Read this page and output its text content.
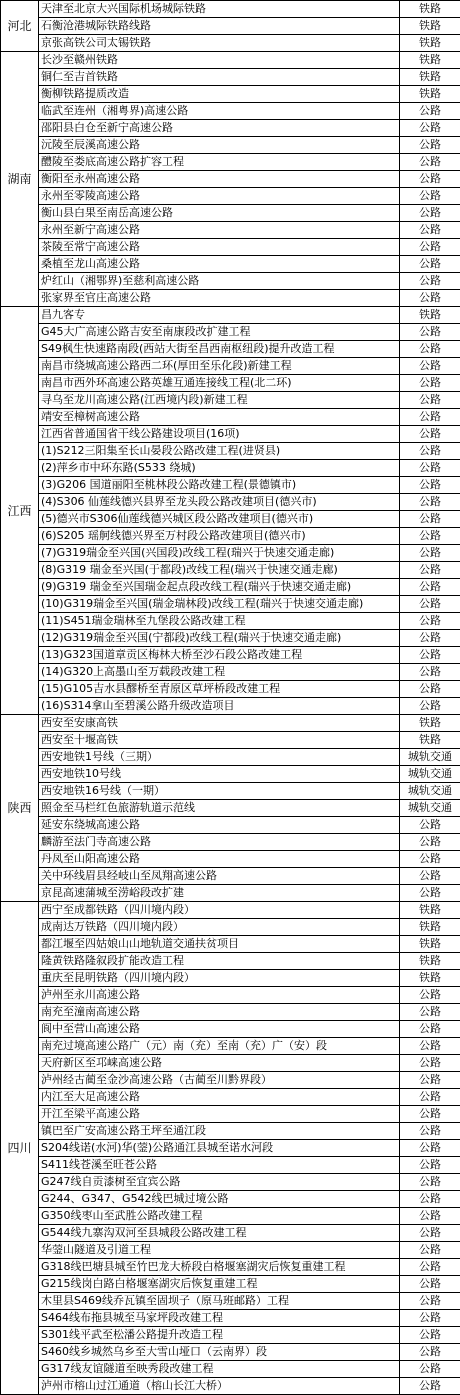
河北	天津至北京大兴国际机场城际铁路	铁路
	石衡沧港城际铁路线路	铁路
	京张高铁公司太锡铁路	铁路
湖南	长沙至赣州铁路	铁路
	铜仁至吉首铁路	铁路
	衡柳铁路提质改造	铁路
	临武至连州（湘粤界)高速公路	公路
	邵阳县白仓至新宁高速公路	公路
	沅陵至辰溪高速公路	公路
	醴陵至娄底高速公路扩容工程	公路
	衡阳至永州高速公路	公路
	永州至零陵高速公路	公路
	衡山县白果至南岳高速公路	公路
	永州至新宁高速公路	公路
	茶陵至常宁高速公路	公路
	桑植至龙山高速公路	公路
	炉红山（湘鄂界)至慈利高速公路	公路
	张家界至官庄高速公路	公路
江西	昌九客专	铁路
	G45大广高速公路吉安至南康段改扩建工程	公路
	S49枫生快速路南段(西站大街至昌西南枢纽段)提升改造工程	公路
	南昌市绕城高速公路西二环(厚田至乐化段)新建工程	公路
	南昌市西外环高速公路英雄互通连接线工程(北二环)	公路
	寻乌至龙川高速公路(江西境内段)新建工程	公路
	靖安至樟树高速公路	公路
	江西省普通国省干线公路建设项目(16项)	公路
	(1)S212三阳集至长山晏段公路改建工程(进贤县)	公路
	(2)萍乡市中环东路(S533 绕城)	公路
	(3)G206 国道丽阳至桃林段公路改建工程(景德镇市)	公路
	(4)S306 仙莲线德兴县界至龙头段公路改建项目(德兴市)	公路
	(5)德兴市S306仙莲线德兴城区段公路改建项目(德兴市)	公路
	(6)S205 瑶舸线德兴界至万村段公路改建项目(德兴市)	公路
	(7)G319瑞金至兴国(兴国段)改线工程(瑞兴于快速交通走廊)	公路
	(8)G319 瑞金至兴国(于都段)改线工程(瑞兴于快速交通走廊)	公路
	(9)G319 瑞金至兴国瑞金起点段改线工程(瑞兴于快速交通走廊)	公路
	(10)G319瑞金至兴国(瑞金瑞林段)改线工程(瑞兴于快速交通走廊)	公路
	(11)S451瑞金瑞林至九堡段公路改建工程	公路
	(12)G319瑞金至兴国(宁都段)改线工程(瑞兴于快速交通走廊)	公路
	(13)G323国道章贡区梅林大桥至沙石段公路改建工程	公路
	(14)G320上高墨山至万载段改建工程	公路
	(15)G105吉水县醪桥至青原区草坪桥段改建工程	公路
	(16)S314拿山至碧溪公路升级改造项目	公路
陕西	西安至安康高铁	铁路
	西安至十堰高铁	铁路
	西安地铁1号线（三期）	城轨交通
	西安地铁10号线	城轨交通
	西安地铁16号线（一期）	城轨交通
	照金至马栏红色旅游轨道示范线	城轨交通
	延安东绕城高速公路	公路
	麟游至法门寺高速公路	公路
	丹凤至山阳高速公路	公路
	关中环线眉县经岐山至凤翔高速公路	公路
	京昆高速蒲城至涝峪段改扩建	公路
四川	西宁至成都铁路（四川境内段）	铁路
	成南达万铁路（四川境内段）	铁路
	都江堰至四姑娘山山地轨道交通扶贫项目	铁路
	隆黄铁路隆叙段扩能改造工程	铁路
	重庆至昆明铁路（四川境内段）	铁路
	泸州至永川高速公路	公路
	南充至潼南高速公路	公路
	阆中至营山高速公路	公路
	南充过境高速公路广（元）南（充）至南（充）广（安）段	公路
	天府新区至邛崃高速公路	公路
	泸州经古蔺至金沙高速公路（古蔺至川黔界段）	公路
	内江至大足高速公路	公路
	开江至梁平高速公路	公路
	镇巴至广安高速公路王坪至通江段	公路
	S204线诺(水河)华(蓥)公路通江县城至诺水河段	公路
	S411线苍溪至旺苍公路	公路
	G247线自贡漆树至宜宾公路	公路
	G244、G347、G542线巴城过境公路	公路
	G350线枣山至武胜公路改建工程	公路
	G544线九寨沟双河至县城段公路改建工程	公路
	华蓥山隧道及引道工程	公路
	G318线巴塘县城至竹巴龙大桥段白格堰塞湖灾后恢复重建工程	公路
	G215线岗白路白格堰塞湖灾后恢复重建工程	公路
	木里县S469线乔瓦镇至固坝子（原马班邮路）工程	公路
	S464线布拖县城至马家坪段改建工程	公路
	S301线平武至松潘公路提升改造工程	公路
	S460线乡城然乌乡至大雪山垭口（云南界）段	公路
	G317线友谊隧道至映秀段改建工程	公路
	泸州市榕山过江通道（榕山长江大桥）	公路
